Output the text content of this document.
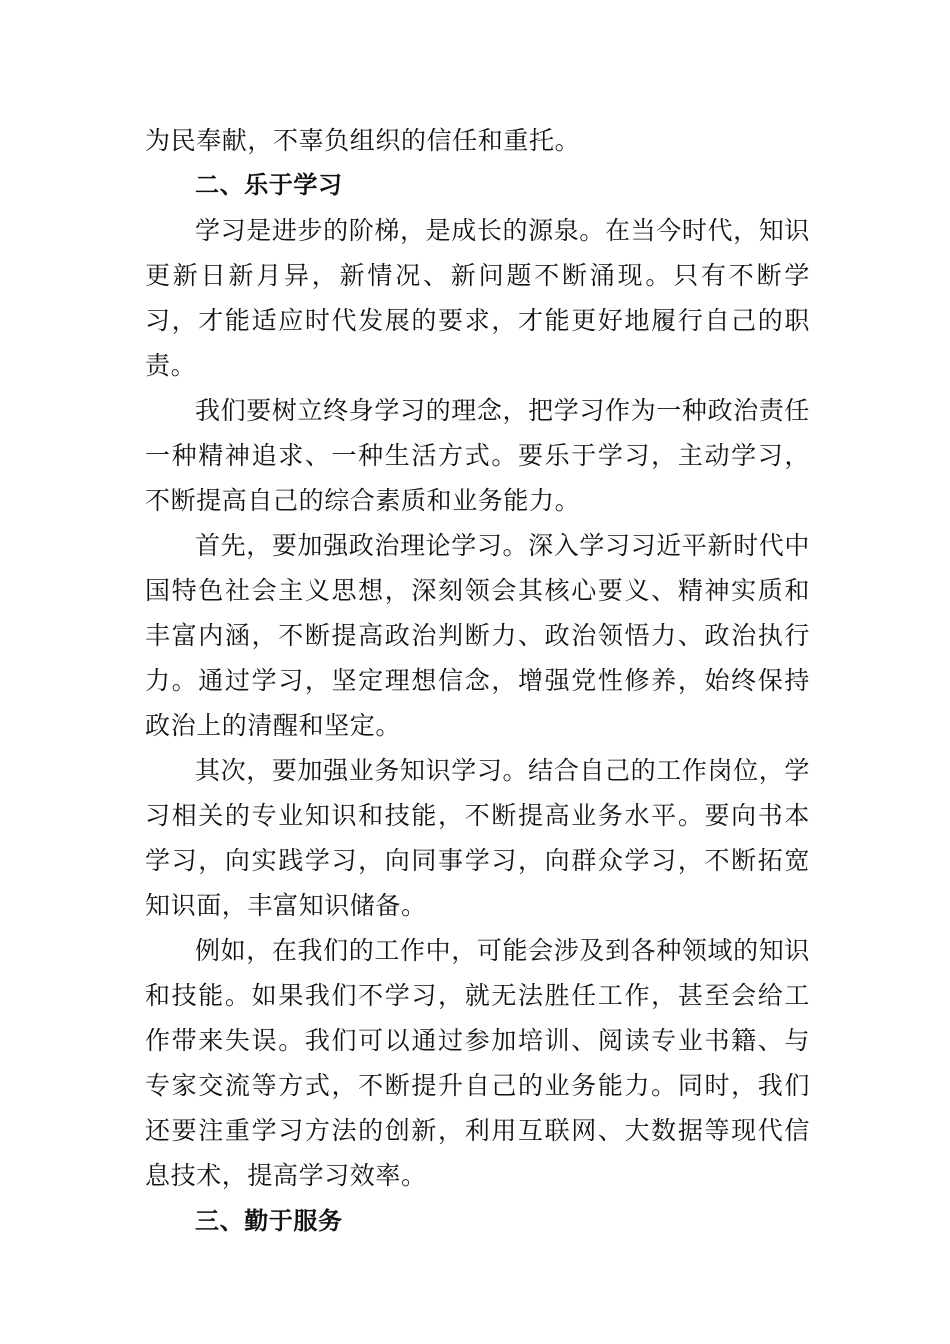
为民奉献，不辜负组织的信任和重托。

二、乐于学习

学习是进步的阶梯，是成长的源泉。在当今时代，知识更新日新月异，新情况、新问题不断涌现。只有不断学习，才能适应时代发展的要求，才能更好地履行自己的职责。

我们要树立终身学习的理念，把学习作为一种政治责任一种精神追求、一种生活方式。要乐于学习，主动学习，不断提高自己的综合素质和业务能力。

首先，要加强政治理论学习。深入学习习近平新时代中国特色社会主义思想，深刻领会其核心要义、精神实质和丰富内涵，不断提高政治判断力、政治领悟力、政治执行力。通过学习，坚定理想信念，增强党性修养，始终保持政治上的清醒和坚定。

其次，要加强业务知识学习。结合自己的工作岗位，学习相关的专业知识和技能，不断提高业务水平。要向书本学习，向实践学习，向同事学习，向群众学习，不断拓宽知识面，丰富知识储备。

例如，在我们的工作中，可能会涉及到各种领域的知识和技能。如果我们不学习，就无法胜任工作，甚至会给工作带来失误。我们可以通过参加培训、阅读专业书籍、与专家交流等方式，不断提升自己的业务能力。同时，我们还要注重学习方法的创新，利用互联网、大数据等现代信息技术，提高学习效率。

三、勤于服务
